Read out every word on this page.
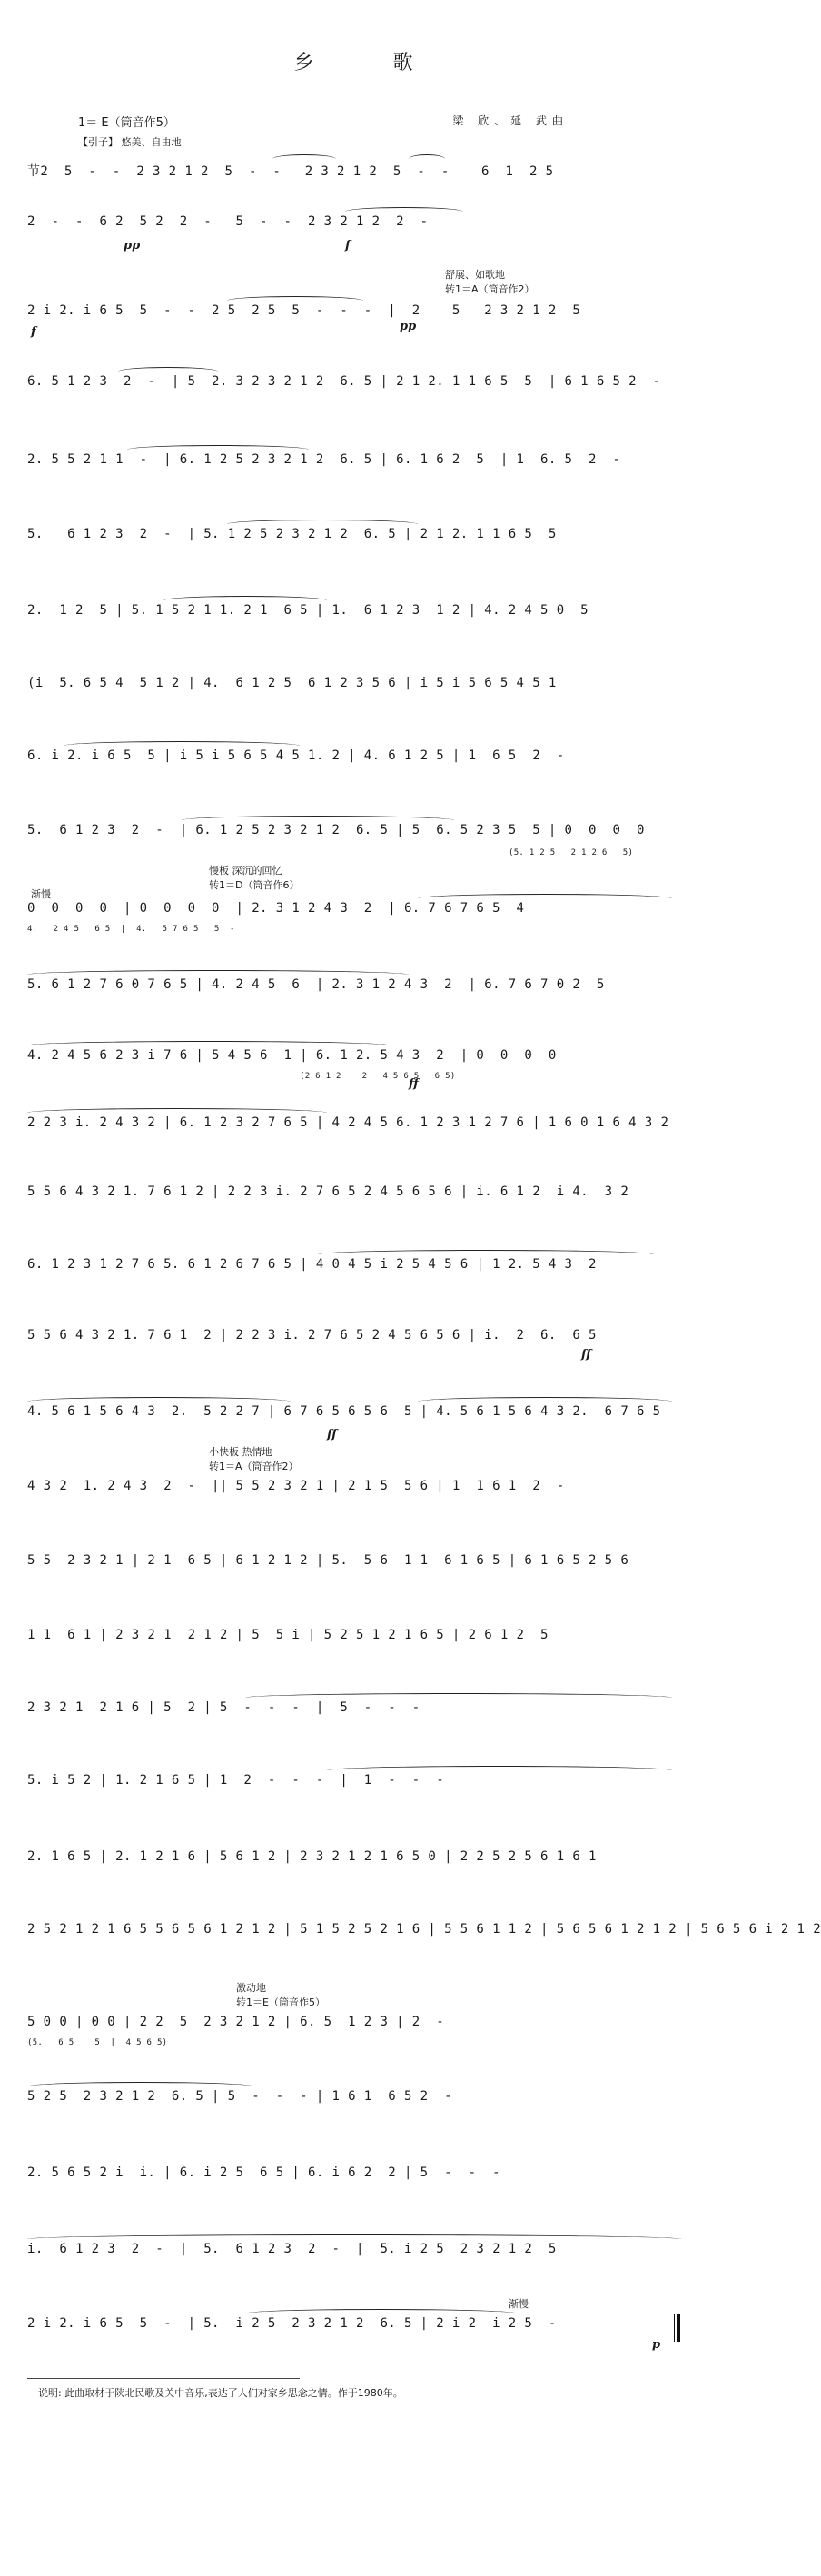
乡 歌
1＝ E（筒音作5）	梁 欣、延 武曲
【引子】 悠美、自由地
节2  5  -  -  2 3 2 1 2  5  -  -   2 3 2 1 2  5  -  -    6  1  2 5
2  -  -  6 2  5 2  2  -   5  -  -  2 3 2 1 2  2  -
pp	f
舒展、如歌地
转1＝A（筒音作2）
2 i 2. i 6 5  5  -  -  2 5  2 5  5  -  -  -  |  2    5   2 3 2 1 2  5
f	pp
6. 5 1 2 3  2  -  | 5  2. 3 2 3 2 1 2  6. 5 | 2 1 2. 1 1 6 5  5  | 6 1 6 5 2  -
2. 5 5 2 1 1  -  | 6. 1 2 5 2 3 2 1 2  6. 5 | 6. 1 6 2  5  | 1  6. 5  2  -
5.   6 1 2 3  2  -  | 5. 1 2 5 2 3 2 1 2  6. 5 | 2 1 2. 1 1 6 5  5
2.  1 2  5 | 5. 1 5 2 1 1. 2 1  6 5 | 1.  6 1 2 3  1 2 | 4. 2 4 5 0  5
(i  5. 6 5 4  5 1 2 | 4.  6 1 2 5  6 1 2 3 5 6 | i 5 i 5 6 5 4 5 1
6. i 2. i 6 5  5 | i 5 i 5 6 5 4 5 1. 2 | 4. 6 1 2 5 | 1  6 5  2  -
5.  6 1 2 3  2  -  | 6. 1 2 5 2 3 2 1 2  6. 5 | 5  6. 5 2 3 5  5 | 0  0  0  0
(5. 1 2 5   2 1 2 6   5)
慢板 深沉的回忆
转1＝D（筒音作6）
渐慢
0  0  0  0  | 0  0  0  0  | 2. 3 1 2 4 3  2  | 6. 7 6 7 6 5  4
4.   2 4 5   6 5  |  4.   5 7 6 5   5  -
5. 6 1 2 7 6 0 7 6 5 | 4. 2 4 5  6  | 2. 3 1 2 4 3  2  | 6. 7 6 7 0 2  5
4. 2 4 5 6 2 3 i 7 6 | 5 4 5 6  1 | 6. 1 2. 5 4 3  2  | 0  0  0  0
(2 6 1 2    2   4 5 6 5   6 5)
ff
2 2 3 i. 2 4 3 2 | 6. 1 2 3 2 7 6 5 | 4 2 4 5 6. 1 2 3 1 2 7 6 | 1 6 0 1 6 4 3 2
5 5 6 4 3 2 1. 7 6 1 2 | 2 2 3 i. 2 7 6 5 2 4 5 6 5 6 | i. 6 1 2  i 4.  3 2
6. 1 2 3 1 2 7 6 5. 6 1 2 6 7 6 5 | 4 0 4 5 i 2 5 4 5 6 | 1 2. 5 4 3  2
5 5 6 4 3 2 1. 7 6 1  2 | 2 2 3 i. 2 7 6 5 2 4 5 6 5 6 | i.  2  6.  6 5
ff
4. 5 6 1 5 6 4 3  2.  5 2 2 7 | 6 7 6 5 6 5 6  5 | 4. 5 6 1 5 6 4 3 2.  6 7 6 5
ff
小快板 热情地
转1＝A（筒音作2）
4 3 2  1. 2 4 3  2  -  || 5 5 2 3 2 1 | 2 1 5  5 6 | 1  1 6 1  2  -
5 5  2 3 2 1 | 2 1  6 5 | 6 1 2 1 2 | 5.  5 6  1 1  6 1 6 5 | 6 1 6 5 2 5 6
1 1  6 1 | 2 3 2 1  2 1 2 | 5  5 i | 5 2 5 1 2 1 6 5 | 2 6 1 2  5
2 3 2 1  2 1 6 | 5  2 | 5  -  -  -  |  5  -  -  -
5. i 5 2 | 1. 2 1 6 5 | 1  2  -  -  -  |  1  -  -  -
2. 1 6 5 | 2. 1 2 1 6 | 5 6 1 2 | 2 3 2 1 2 1 6 5 0 | 2 2 5 2 5 6 1 6 1
2 5 2 1 2 1 6 5 5 6 5 6 1 2 1 2 | 5 1 5 2 5 2 1 6 | 5 5 6 1 1 2 | 5 6 5 6 1 2 1 2 | 5 6 5 6 i 2 1 2
激动地
转1＝E（筒音作5）
5 0 0 | 0 0 | 2 2  5  2 3 2 1 2 | 6. 5  1 2 3 | 2  -
(5.   6 5    5  |  4 5 6 5)
5 2 5  2 3 2 1 2  6. 5 | 5  -  -  - | 1 6 1  6 5 2  -
2. 5 6 5 2 i  i. | 6. i 2 5  6 5 | 6. i 6 2  2 | 5  -  -  -
i.  6 1 2 3  2  -  |  5.  6 1 2 3  2  -  |  5. i 2 5  2 3 2 1 2  5
渐慢
2 i 2. i 6 5  5  -  | 5.  i 2 5  2 3 2 1 2  6. 5 | 2 i 2  i 2 5  -
p
说明: 此曲取材于陕北民歌及关中音乐,表达了人们对家乡思念之情。作于1980年。
